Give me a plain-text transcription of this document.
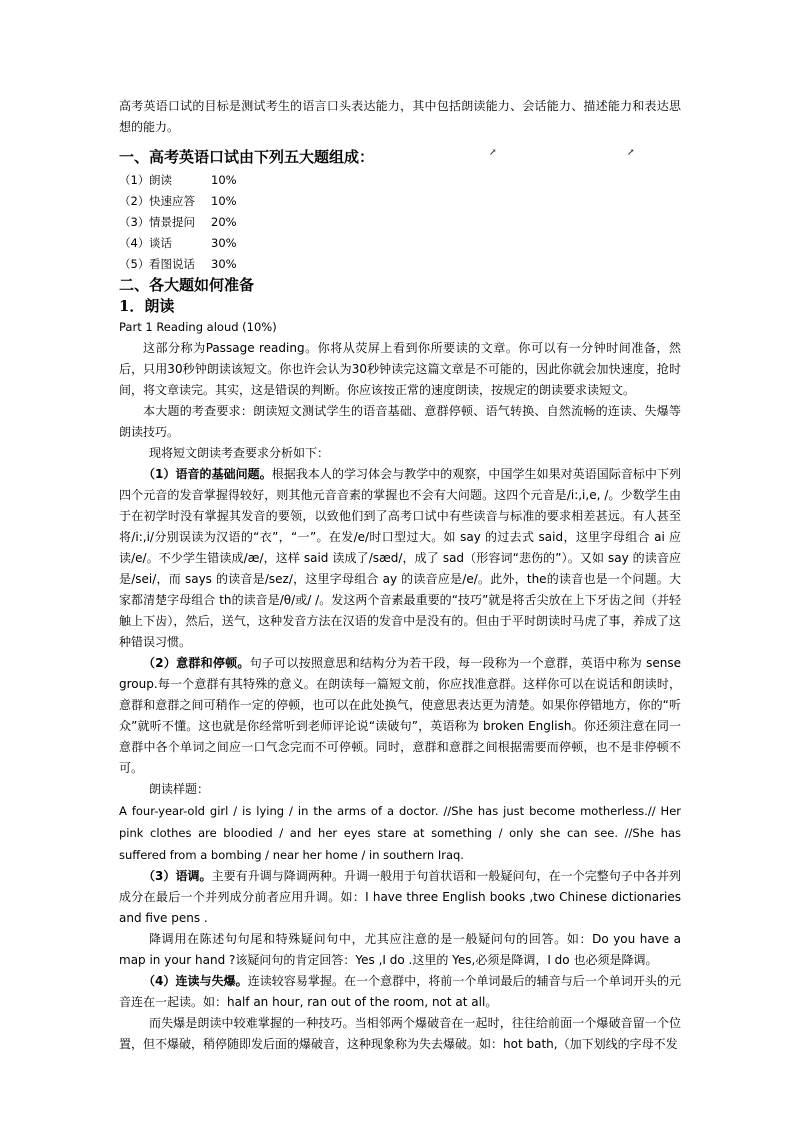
高考英语口试的目标是测试考生的语言口头表达能力，其中包括朗读能力、会话能力、描述能力和表达思想的能力。

一、高考英语口试由下列五大题组成：	↗	↗
（1） 朗读	10%
（2） 快速应答	10%
（3） 情景提问	20%
（4） 谈话	30%
（5） 看图说话	30%
二、各大题如何准备
1．朗读

Part 1 Reading aloud (10%)

这部分称为Passage reading。你将从荧屏上看到你所要读的文章。你可以有一分钟时间准备，然后，只用30秒钟朗读该短文。你也许会认为30秒钟读完这篇文章是不可能的，因此你就会加快速度，抢时间，将文章读完。其实，这是错误的判断。你应该按正常的速度朗读，按规定的朗读要求读短文。

本大题的考查要求：朗读短文测试学生的语音基础、意群停顿、语气转换、自然流畅的连读、失爆等朗读技巧。

现将短文朗读考查要求分析如下：

（1）语音的基础问题。根据我本人的学习体会与教学中的观察，中国学生如果对英语国际音标中下列四个元音的发音掌握得较好，则其他元音音素的掌握也不会有大问题。这四个元音是/i:,i,e, /。少数学生由于在初学时没有掌握其发音的要领，以致他们到了高考口试中有些读音与标准的要求相差甚远。有人甚至将/i:,i/分别误读为汉语的“衣”，“一”。在发/e/时口型过大。如 say 的过去式 said，这里字母组合 ai 应读/e/。不少学生错读成/æ/，这样 said 读成了/sæd/，成了 sad（形容词“悲伤的”）。又如 say 的读音应是/sei/，而 says 的读音是/sez/，这里字母组合 ay 的读音应是/e/。此外，the的读音也是一个问题。大家都清楚字母组合 th的读音是/θ/或/ /。发这两个音素最重要的“技巧”就是将舌尖放在上下牙齿之间（并轻触上下齿），然后，送气，这种发音方法在汉语的发音中是没有的。但由于平时朗读时马虎了事，养成了这种错误习惯。

（2）意群和停顿。句子可以按照意思和结构分为若干段，每一段称为一个意群，英语中称为 sense group.每一个意群有其特殊的意义。在朗读每一篇短文前，你应找准意群。这样你可以在说话和朗读时，意群和意群之间可稍作一定的停顿，也可以在此处换气，使意思表达更为清楚。如果你停错地方，你的“听众”就听不懂。这也就是你经常听到老师评论说“读破句”，英语称为 broken English。你还须注意在同一意群中各个单词之间应一口气念完而不可停顿。同时，意群和意群之间根据需要而停顿，也不是非停顿不可。

朗读样题：

A four-year-old girl / is lying / in the arms of a doctor. //She has just become motherless.// Her pink clothes are bloodied / and her eyes stare at something / only she can see. //She has suffered from a bombing / near her home / in southern Iraq.

（3）语调。主要有升调与降调两种。升调一般用于句首状语和一般疑问句，在一个完整句子中各并列成分在最后一个并列成分前者应用升调。如：I have three English books ,two Chinese dictionaries and five pens .

降调用在陈述句句尾和特殊疑问句中，尤其应注意的是一般疑问句的回答。如：Do you have a map in your hand ?该疑问句的肯定回答：Yes ,I do .这里的 Yes,必须是降调，I do 也必须是降调。

（4）连读与失爆。连读较容易掌握。在一个意群中，将前一个单词最后的辅音与后一个单词开头的元音连在一起读。如：half an hour, ran out of the room, not at all。

而失爆是朗读中较难掌握的一种技巧。当相邻两个爆破音在一起时，往往给前面一个爆破音留一个位置，但不爆破，稍停随即发后面的爆破音，这种现象称为失去爆破。如：hot bath,（加下划线的字母不发
